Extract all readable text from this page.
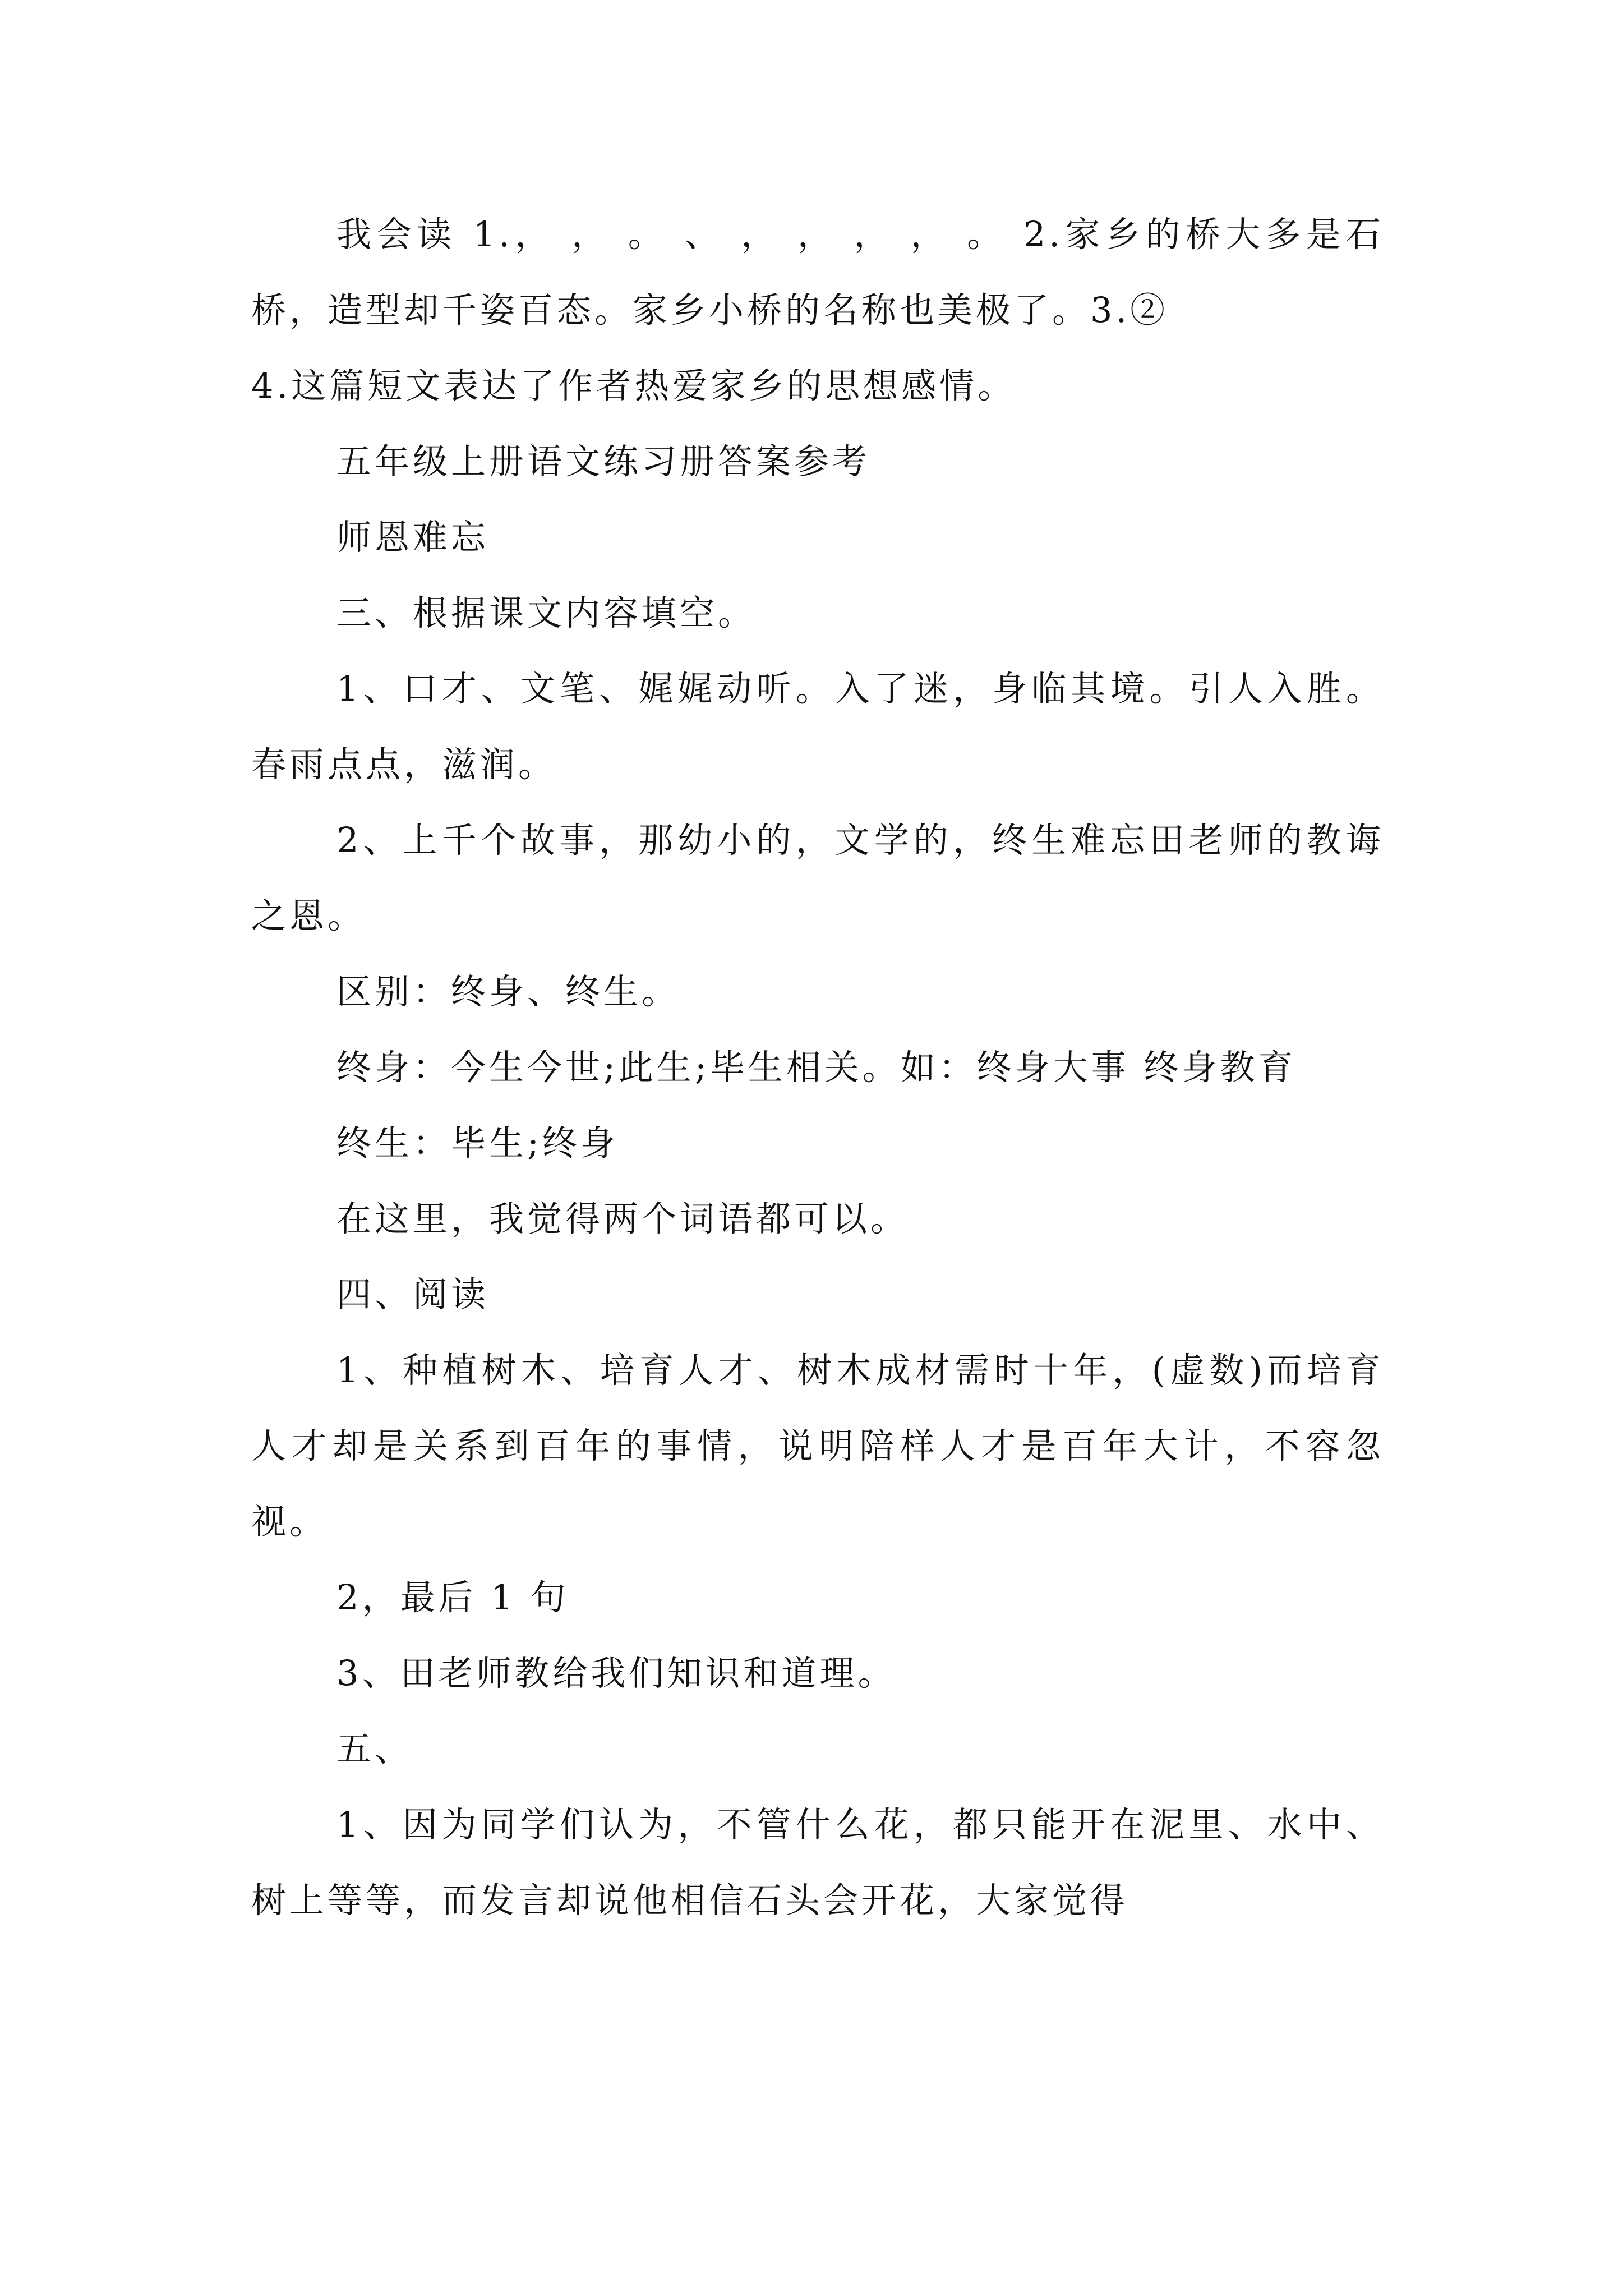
我会读 1.， ， 。 、 ， ， ， ， 。 2.家乡的桥大多是石桥，造型却千姿百态。家乡小桥的名称也美极了。3.②

4.这篇短文表达了作者热爱家乡的思想感情。

五年级上册语文练习册答案参考

师恩难忘

三、根据课文内容填空。

1、口才、文笔、娓娓动听。入了迷，身临其境。引人入胜。春雨点点，滋润。

2、上千个故事，那幼小的，文学的，终生难忘田老师的教诲之恩。

区别：终身、终生。

终身：今生今世;此生;毕生相关。如：终身大事 终身教育

终生：毕生;终身

在这里，我觉得两个词语都可以。

四、阅读

1、种植树木、培育人才、树木成材需时十年，(虚数)而培育人才却是关系到百年的事情，说明陪样人才是百年大计，不容忽视。

2，最后 1 句

3、田老师教给我们知识和道理。

五、

1、因为同学们认为，不管什么花，都只能开在泥里、水中、树上等等，而发言却说他相信石头会开花，大家觉得
